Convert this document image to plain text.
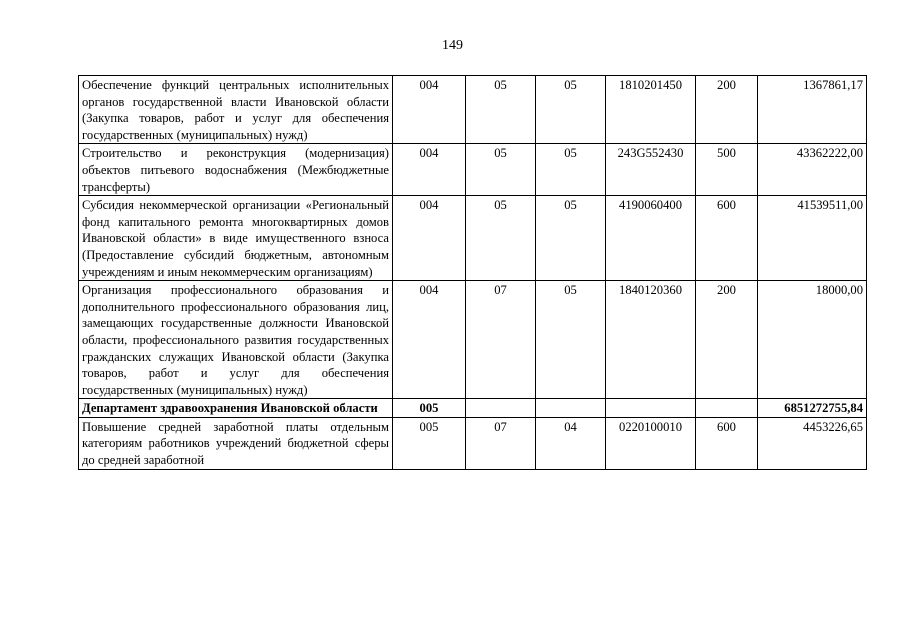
149
Обеспечение функций центральных исполнительных органов государственной власти Ивановской области (Закупка товаров, работ и услуг для обеспечения государственных (муниципальных) нужд)	004	05	05	1810201450	200	1367861,17
Строительство и реконструкция (модернизация) объектов питьевого водоснабжения (Межбюджетные трансферты)	004	05	05	243G552430	500	43362222,00
Субсидия некоммерческой организации «Региональный фонд капитального ремонта многоквартирных домов Ивановской области» в виде имущественного взноса (Предоставление субсидий бюджетным, автономным учреждениям и иным некоммерческим организациям)	004	05	05	4190060400	600	41539511,00
Организация профессионального образования и дополнительного профессионального образования лиц, замещающих государственные должности Ивановской области, профессионального развития государственных гражданских служащих Ивановской области (Закупка товаров, работ и услуг для обеспечения государственных (муниципальных) нужд)	004	07	05	1840120360	200	18000,00
Департамент здравоохранения Ивановской области	005					6851272755,84
Повышение средней заработной платы отдельным категориям работников учреждений бюджетной сферы до средней заработной	005	07	04	0220100010	600	4453226,65
